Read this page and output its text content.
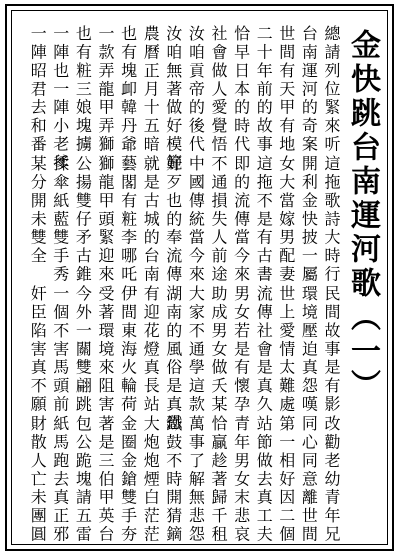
金快跳台南運河歌（一）
總請列位緊來听這拖歌詩大時行民間故事是有影改勸老幼青年兄
台南運河的奇案開利金快披一屬環境壓迫真怨嘆同心同意離世間
世間有天甲有地女大當嫁男配妻世上愛情太難處第一相好因二個
二十年前的故事這拖不是有古書流傳社會是真久站節做去真工夫
恰早日本的時代即的流傳當今來男女若是有懷孕青年男女末悲哀
社會做人愛覺悟不通損失人前途助成男女做夭某恰贏趁著歸千租
汝咱貢帝的後代中國傳統當今來大家不通學這款萬事了解無悲怨
汝咱無著做好模範好歹也的奉流傳湖南的風俗是真恐鐵鼓不時開猜鏑
農曆正月十五暗就是古城的台南有迎花燈真長站大炮炮煙白茫茫
也有塊卹韓丹爺藝閣有粧李哪吒伊間東海火輪荷金圈金鎗雙手夯
一款弄龍甲弄獅獅龍甲頭緊迎來受著環境來阻害著是三伯甲英台
也有粧三娘塊擄公揚雙仔矛古錐今外一關雙翩跳包公跪塊請五雷
一陣也一陣小老爹揉傘紙藍雙手秀一個不害馬頭前紙馬跑去真正邪
一陣昭君去和番某分開未雙全奸臣陷害真不願財散人亡未團圓
